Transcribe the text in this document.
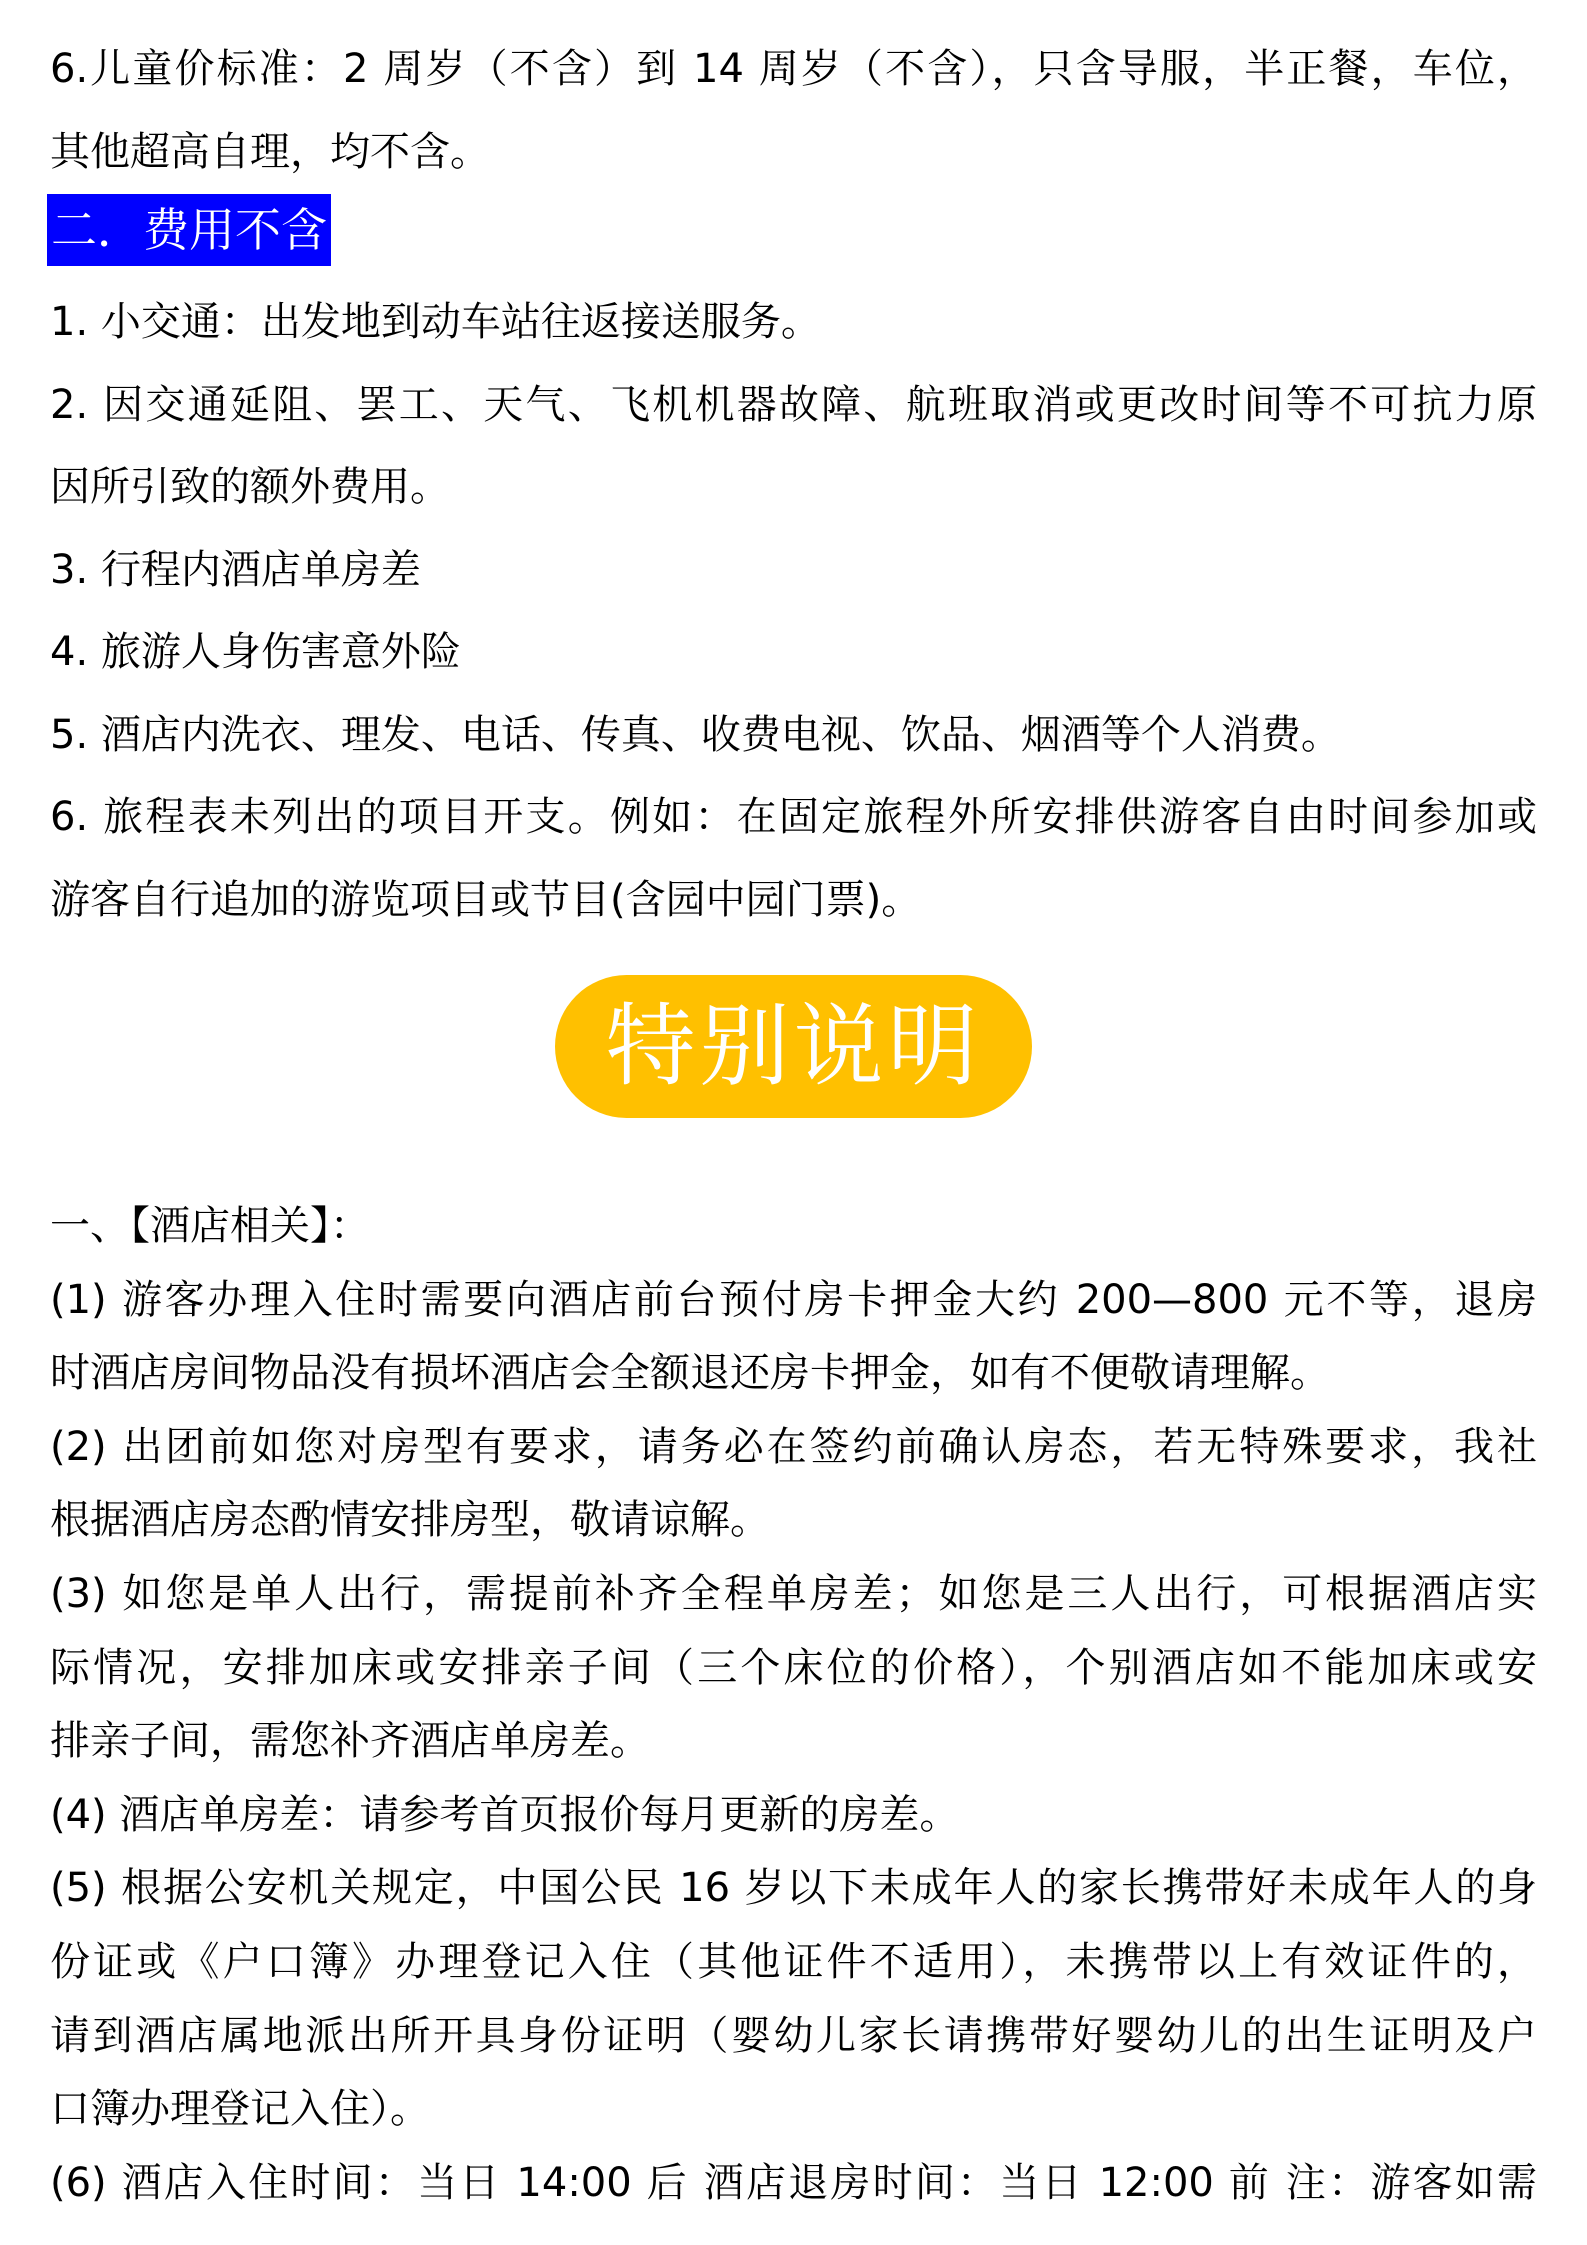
6.儿童价标准：2 周岁（不含）到 14 周岁（不含），只含导服，半正餐，车位，
其他超高自理，均不含。
二．费用不含
1. 小交通：出发地到动车站往返接送服务。
2. 因交通延阻、罢工、天气、飞机机器故障、航班取消或更改时间等不可抗力原
因所引致的额外费用。
3. 行程内酒店单房差
4. 旅游人身伤害意外险
5. 酒店内洗衣、理发、电话、传真、收费电视、饮品、烟酒等个人消费。
6. 旅程表未列出的项目开支。例如：在固定旅程外所安排供游客自由时间参加或
游客自行追加的游览项目或节目(含园中园门票)。
特别说明
一、【酒店相关】：
(1) 游客办理入住时需要向酒店前台预付房卡押金大约 200—800 元不等，退房
时酒店房间物品没有损坏酒店会全额退还房卡押金，如有不便敬请理解。
(2) 出团前如您对房型有要求，请务必在签约前确认房态，若无特殊要求，我社
根据酒店房态酌情安排房型，敬请谅解。
(3) 如您是单人出行，需提前补齐全程单房差；如您是三人出行，可根据酒店实
际情况，安排加床或安排亲子间（三个床位的价格），个别酒店如不能加床或安
排亲子间，需您补齐酒店单房差。
(4) 酒店单房差：请参考首页报价每月更新的房差。
(5) 根据公安机关规定，中国公民 16 岁以下未成年人的家长携带好未成年人的身
份证或《户口簿》办理登记入住（其他证件不适用），未携带以上有效证件的，
请到酒店属地派出所开具身份证明（婴幼儿家长请携带好婴幼儿的出生证明及户
口簿办理登记入住）。
(6) 酒店入住时间：当日 14:00 后 酒店退房时间：当日 12:00 前 注：游客如需
